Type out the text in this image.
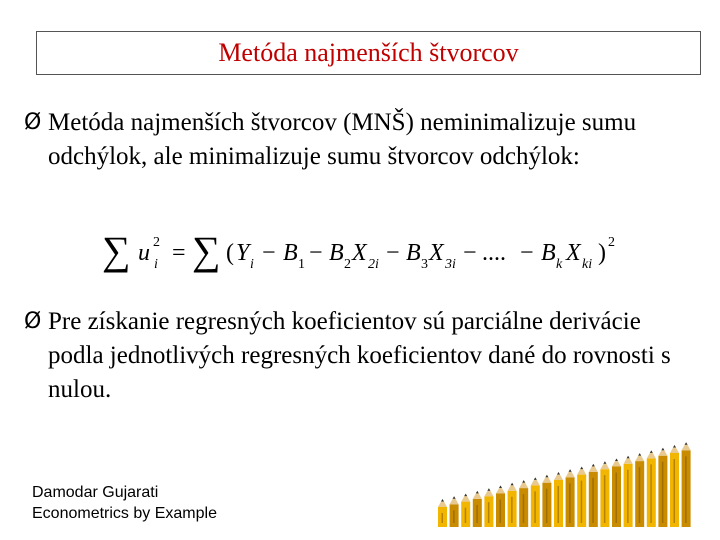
Metóda najmenších štvorcov
Ø Metóda najmenších štvorcov (MNŠ) neminimalizuje sumu odchýlok, ale minimalizuje sumu štvorcov odchýlok:
∑ u 2
i = ∑ ( Y i − B 1 − B 2 X 2i − B 3 X 3i − .... − B k X ki ) 2
Ø Pre získanie regresných koeficientov sú parciálne derivácie podla jednotlivých regresných koeficientov dané do rovnosti s nulou.
Damodar Gujarati
Econometrics by Example
